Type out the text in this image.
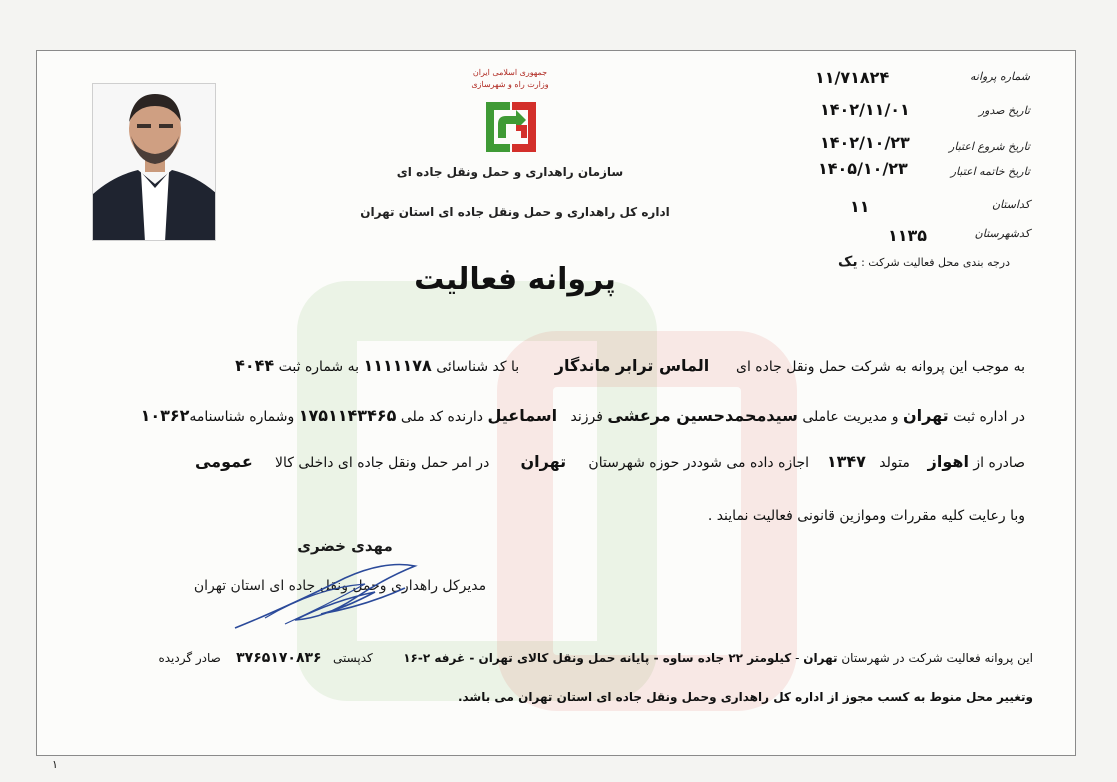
جمهوری اسلامی ایران
وزارت راه و شهرسازی
سازمان راهداری و حمل ونقل جاده ای
اداره کل راهداری و حمل ونقل جاده ای استان تهران
۱۱/۷۱۸۲۴	شماره پروانه
۱۴۰۲/۱۱/۰۱	تاریخ صدور
۱۴۰۲/۱۰/۲۳	تاریخ شروع اعتبار
۱۴۰۵/۱۰/۲۳	تاریخ خاتمه اعتبار
۱۱	کداستان
۱۱۳۵	کدشهرستان
درجه بندی محل فعالیت شرکت : یک
پروانه فعالیت
به موجب این پروانه به شرکت حمل ونقل جاده ای      الماس ترابر ماندگار        با کد شناسائی ۱۱۱۱۱۷۸ به شماره ثبت ۴۰۴۴
در اداره ثبت تهران و مدیریت عاملی سیدمحمدحسین مرعشی فرزند   اسماعیل دارنده کد ملی ۱۷۵۱۱۴۳۴۶۵ وشماره شناسنامه۱۰۳۶۲
صادره از اهواز    متولد   ۱۳۴۷    اجازه داده می شوددر حوزه شهرستان     تهران       در امر حمل ونقل جاده ای داخلی کالا     عمومی
وبا رعایت کلیه مقررات وموازین قانونی فعالیت نمایند .
مهدی خضری
مدیرکل راهداری وحمل ونقل جاده ای استان تهران
این پروانه فعالیت شرکت در شهرستان تهران - کیلومتر ۲۲ جاده ساوه - پایانه حمل ونقل کالای تهران - غرفه ۲-۱۶        کدپستی   ۳۷۶۵۱۷۰۸۳۶    صادر گردیده
وتغییر محل منوط به کسب مجوز از اداره کل راهداری وحمل ونقل جاده ای استان تهران می باشد.
۱
